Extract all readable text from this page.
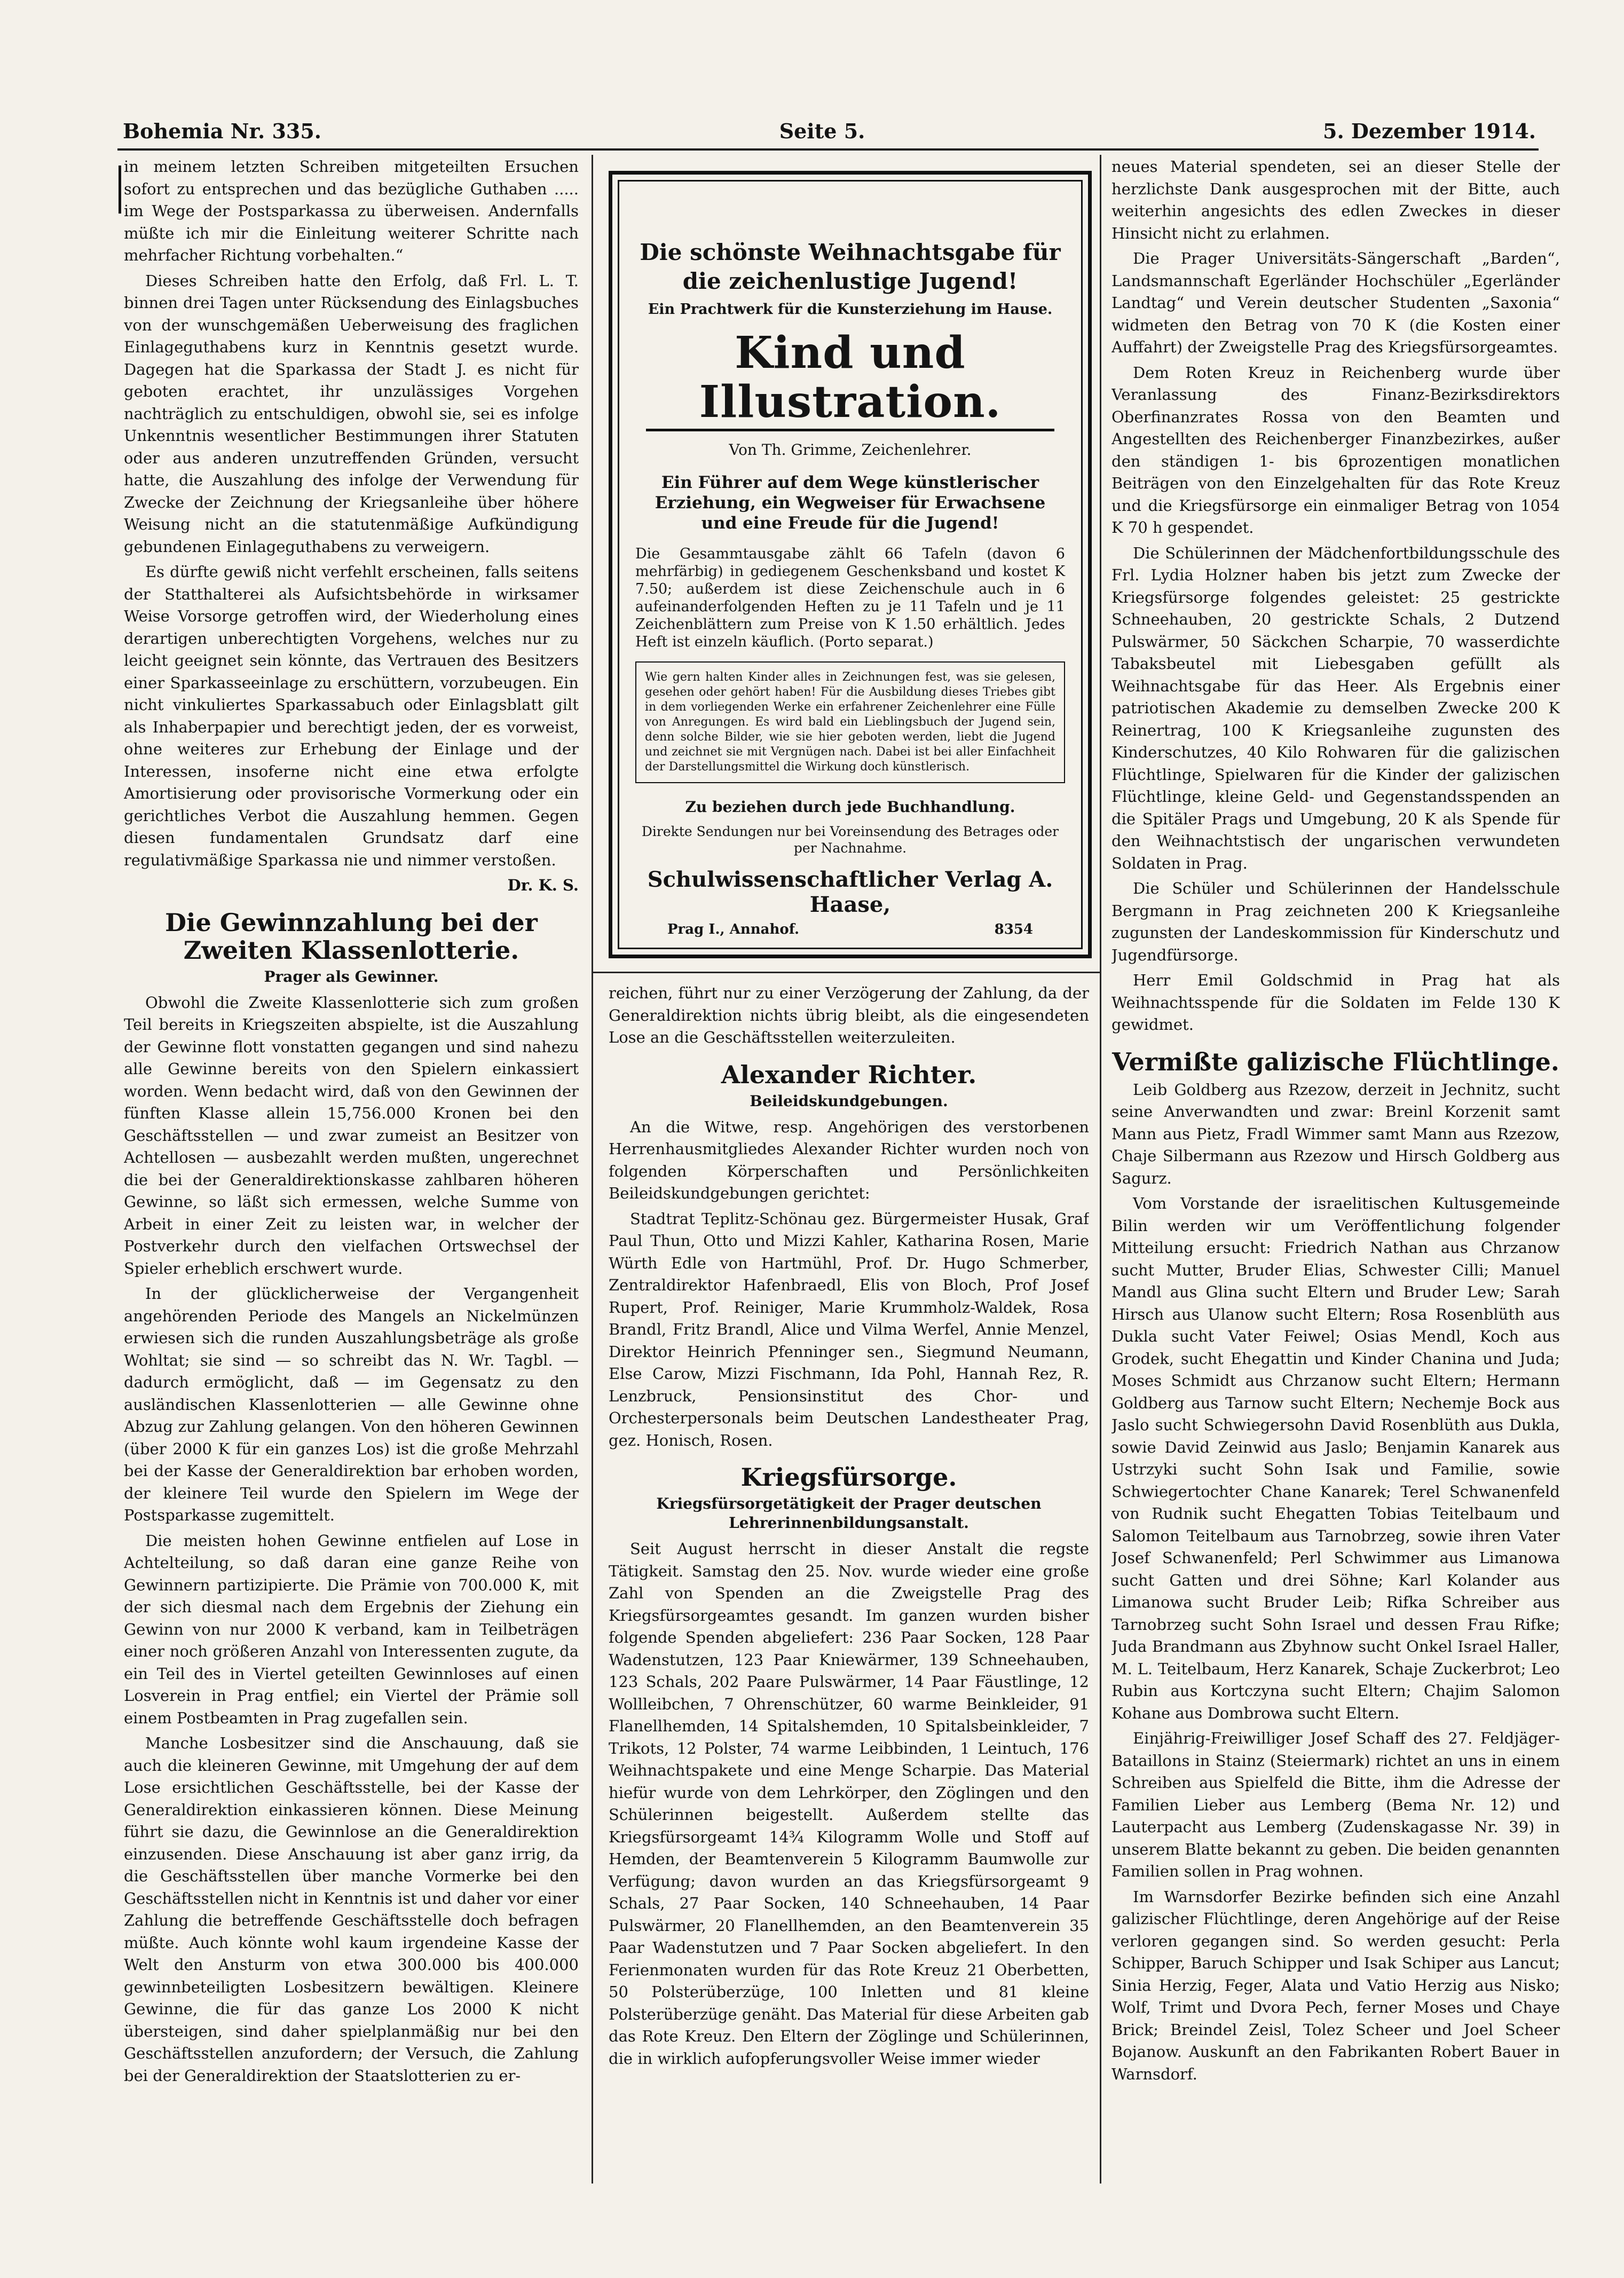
Bohemia Nr. 335.	Seite 5.	5. Dezember 1914.

in meinem letzten Schreiben mitgeteilten Ersuchen sofort zu entsprechen und das bezügliche Guthaben ..... im Wege der Postsparkassa zu überweisen. Andernfalls müßte ich mir die Einleitung weiterer Schritte nach mehrfacher Richtung vorbehalten.“

Dieses Schreiben hatte den Erfolg, daß Frl. L. T. binnen drei Tagen unter Rücksendung des Einlagsbuches von der wunschgemäßen Ueberweisung des fraglichen Einlageguthabens kurz in Kenntnis gesetzt wurde. Dagegen hat die Sparkassa der Stadt J. es nicht für geboten erachtet, ihr unzulässiges Vorgehen nachträglich zu entschuldigen, obwohl sie, sei es infolge Unkenntnis wesentlicher Bestimmungen ihrer Statuten oder aus anderen unzutreffenden Gründen, versucht hatte, die Auszahlung des infolge der Verwendung für Zwecke der Zeichnung der Kriegsanleihe über höhere Weisung nicht an die statutenmäßige Aufkündigung gebundenen Einlageguthabens zu verweigern.

Es dürfte gewiß nicht verfehlt erscheinen, falls seitens der Statthalterei als Aufsichtsbehörde in wirksamer Weise Vorsorge getroffen wird, der Wiederholung eines derartigen unberechtigten Vorgehens, welches nur zu leicht geeignet sein könnte, das Vertrauen des Besitzers einer Sparkasseeinlage zu erschüttern, vorzubeugen. Ein nicht vinkuliertes Sparkassabuch oder Einlagsblatt gilt als Inhaberpapier und berechtigt jeden, der es vorweist, ohne weiteres zur Erhebung der Einlage und der Interessen, insoferne nicht eine etwa erfolgte Amortisierung oder provisorische Vormerkung oder ein gerichtliches Verbot die Auszahlung hemmen. Gegen diesen fundamentalen Grundsatz darf eine regulativmäßige Sparkassa nie und nimmer verstoßen.

Dr. K. S.

Die Gewinnzahlung bei der Zweiten Klassenlotterie.
Prager als Gewinner.

Obwohl die Zweite Klassenlotterie sich zum großen Teil bereits in Kriegszeiten abspielte, ist die Auszahlung der Gewinne flott vonstatten gegangen und sind nahezu alle Gewinne bereits von den Spielern einkassiert worden. Wenn bedacht wird, daß von den Gewinnen der fünften Klasse allein 15,756.000 Kronen bei den Geschäftsstellen — und zwar zumeist an Besitzer von Achtellosen — ausbezahlt werden mußten, ungerechnet die bei der Generaldirektionskasse zahlbaren höheren Gewinne, so läßt sich ermessen, welche Summe von Arbeit in einer Zeit zu leisten war, in welcher der Postverkehr durch den vielfachen Ortswechsel der Spieler erheblich erschwert wurde.

In der glücklicherweise der Vergangenheit angehörenden Periode des Mangels an Nickelmünzen erwiesen sich die runden Auszahlungsbeträge als große Wohltat; sie sind — so schreibt das N. Wr. Tagbl. — dadurch ermöglicht, daß — im Gegensatz zu den ausländischen Klassenlotterien — alle Gewinne ohne Abzug zur Zahlung gelangen. Von den höheren Gewinnen (über 2000 K für ein ganzes Los) ist die große Mehrzahl bei der Kasse der Generaldirektion bar erhoben worden, der kleinere Teil wurde den Spielern im Wege der Postsparkasse zugemittelt.

Die meisten hohen Gewinne entfielen auf Lose in Achtelteilung, so daß daran eine ganze Reihe von Gewinnern partizipierte. Die Prämie von 700.000 K, mit der sich diesmal nach dem Ergebnis der Ziehung ein Gewinn von nur 2000 K verband, kam in Teilbeträgen einer noch größeren Anzahl von Interessenten zugute, da ein Teil des in Viertel geteilten Gewinnloses auf einen Losverein in Prag entfiel; ein Viertel der Prämie soll einem Postbeamten in Prag zugefallen sein.

Manche Losbesitzer sind die Anschauung, daß sie auch die kleineren Gewinne, mit Umgehung der auf dem Lose ersichtlichen Geschäftsstelle, bei der Kasse der Generaldirektion einkassieren können. Diese Meinung führt sie dazu, die Gewinnlose an die Generaldirektion einzusenden. Diese Anschauung ist aber ganz irrig, da die Geschäftsstellen über manche Vormerke bei den Geschäftsstellen nicht in Kenntnis ist und daher vor einer Zahlung die betreffende Geschäftsstelle doch befragen müßte. Auch könnte wohl kaum irgendeine Kasse der Welt den Ansturm von etwa 300.000 bis 400.000 gewinnbeteiligten Losbesitzern bewältigen. Kleinere Gewinne, die für das ganze Los 2000 K nicht übersteigen, sind daher spielplanmäßig nur bei den Geschäftsstellen anzufordern; der Versuch, die Zahlung bei der Generaldirektion der Staatslotterien zu er-

Die schönste Weihnachtsgabe für die zeichenlustige Jugend!
Ein Prachtwerk für die Kunsterziehung im Hause.
Kind und Illustration.
Von Th. Grimme, Zeichenlehrer.
Ein Führer auf dem Wege künstlerischer Erziehung, ein Wegweiser für Erwachsene und eine Freude für die Jugend!
Die Gesammtausgabe zählt 66 Tafeln (davon 6 mehrfärbig) in gediegenem Geschenksband und kostet K 7.50; außerdem ist diese Zeichenschule auch in 6 aufeinanderfolgenden Heften zu je 11 Tafeln und je 11 Zeichenblättern zum Preise von K 1.50 erhältlich. Jedes Heft ist einzeln käuflich. (Porto separat.)
Wie gern halten Kinder alles in Zeichnungen fest, was sie gelesen, gesehen oder gehört haben! Für die Ausbildung dieses Triebes gibt in dem vorliegenden Werke ein erfahrener Zeichenlehrer eine Fülle von Anregungen. Es wird bald ein Lieblingsbuch der Jugend sein, denn solche Bilder, wie sie hier geboten werden, liebt die Jugend und zeichnet sie mit Vergnügen nach. Dabei ist bei aller Einfachheit der Darstellungsmittel die Wirkung doch künstlerisch.
Zu beziehen durch jede Buchhandlung.
Direkte Sendungen nur bei Voreinsendung des Betrages oder per Nachnahme.
Schulwissenschaftlicher Verlag A. Haase,
Prag I., Annahof.	8354

reichen, führt nur zu einer Verzögerung der Zahlung, da der Generaldirektion nichts übrig bleibt, als die eingesendeten Lose an die Geschäftsstellen weiterzuleiten.

Alexander Richter.
Beileidskundgebungen.

An die Witwe, resp. Angehörigen des verstorbenen Herrenhausmitgliedes Alexander Richter wurden noch von folgenden Körperschaften und Persönlichkeiten Beileidskundgebungen gerichtet:

Stadtrat Teplitz-Schönau gez. Bürgermeister Husak, Graf Paul Thun, Otto und Mizzi Kahler, Katharina Rosen, Marie Würth Edle von Hartmühl, Prof. Dr. Hugo Schmerber, Zentraldirektor Hafenbraedl, Elis von Bloch, Prof Josef Rupert, Prof. Reiniger, Marie Krummholz-Waldek, Rosa Brandl, Fritz Brandl, Alice und Vilma Werfel, Annie Menzel, Direktor Heinrich Pfenninger sen., Siegmund Neumann, Else Carow, Mizzi Fischmann, Ida Pohl, Hannah Rez, R. Lenzbruck, Pensionsinstitut des Chor- und Orchesterpersonals beim Deutschen Landestheater Prag, gez. Honisch, Rosen.

Kriegsfürsorge.
Kriegsfürsorgetätigkeit der Prager deutschen Lehrerinnenbildungsanstalt.

Seit August herrscht in dieser Anstalt die regste Tätigkeit. Samstag den 25. Nov. wurde wieder eine große Zahl von Spenden an die Zweigstelle Prag des Kriegsfürsorgeamtes gesandt. Im ganzen wurden bisher folgende Spenden abgeliefert: 236 Paar Socken, 128 Paar Wadenstutzen, 123 Paar Kniewärmer, 139 Schneehauben, 123 Schals, 202 Paare Pulswärmer, 14 Paar Fäustlinge, 12 Wollleibchen, 7 Ohrenschützer, 60 warme Beinkleider, 91 Flanellhemden, 14 Spitalshemden, 10 Spitalsbeinkleider, 7 Trikots, 12 Polster, 74 warme Leibbinden, 1 Leintuch, 176 Weihnachtspakete und eine Menge Scharpie. Das Material hiefür wurde von dem Lehrkörper, den Zöglingen und den Schülerinnen beigestellt. Außerdem stellte das Kriegsfürsorgeamt 14¾ Kilogramm Wolle und Stoff auf Hemden, der Beamtenverein 5 Kilogramm Baumwolle zur Verfügung; davon wurden an das Kriegsfürsorgeamt 9 Schals, 27 Paar Socken, 140 Schneehauben, 14 Paar Pulswärmer, 20 Flanellhemden, an den Beamtenverein 35 Paar Wadenstutzen und 7 Paar Socken abgeliefert. In den Ferienmonaten wurden für das Rote Kreuz 21 Oberbetten, 50 Polsterüberzüge, 100 Inletten und 81 kleine Polsterüberzüge genäht. Das Material für diese Arbeiten gab das Rote Kreuz. Den Eltern der Zöglinge und Schülerinnen, die in wirklich aufopferungsvoller Weise immer wieder

neues Material spendeten, sei an dieser Stelle der herzlichste Dank ausgesprochen mit der Bitte, auch weiterhin angesichts des edlen Zweckes in dieser Hinsicht nicht zu erlahmen.

Die Prager Universitäts-Sängerschaft „Barden“, Landsmannschaft Egerländer Hochschüler „Egerländer Landtag“ und Verein deutscher Studenten „Saxonia“ widmeten den Betrag von 70 K (die Kosten einer Auffahrt) der Zweigstelle Prag des Kriegsfürsorgeamtes.

Dem Roten Kreuz in Reichenberg wurde über Veranlassung des Finanz-Bezirksdirektors Oberfinanzrates Rossa von den Beamten und Angestellten des Reichenberger Finanzbezirkes, außer den ständigen 1- bis 6prozentigen monatlichen Beiträgen von den Einzelgehalten für das Rote Kreuz und die Kriegsfürsorge ein einmaliger Betrag von 1054 K 70 h gespendet.

Die Schülerinnen der Mädchenfortbildungsschule des Frl. Lydia Holzner haben bis jetzt zum Zwecke der Kriegsfürsorge folgendes geleistet: 25 gestrickte Schneehauben, 20 gestrickte Schals, 2 Dutzend Pulswärmer, 50 Säckchen Scharpie, 70 wasserdichte Tabaksbeutel mit Liebesgaben gefüllt als Weihnachtsgabe für das Heer. Als Ergebnis einer patriotischen Akademie zu demselben Zwecke 200 K Reinertrag, 100 K Kriegsanleihe zugunsten des Kinderschutzes, 40 Kilo Rohwaren für die galizischen Flüchtlinge, Spielwaren für die Kinder der galizischen Flüchtlinge, kleine Geld- und Gegenstandsspenden an die Spitäler Prags und Umgebung, 20 K als Spende für den Weihnachtstisch der ungarischen verwundeten Soldaten in Prag.

Die Schüler und Schülerinnen der Handelsschule Bergmann in Prag zeichneten 200 K Kriegsanleihe zugunsten der Landeskommission für Kinderschutz und Jugendfürsorge.

Herr Emil Goldschmid in Prag hat als Weihnachtsspende für die Soldaten im Felde 130 K gewidmet.

Vermißte galizische Flüchtlinge.

Leib Goldberg aus Rzezow, derzeit in Jechnitz, sucht seine Anverwandten und zwar: Breinl Korzenit samt Mann aus Pietz, Fradl Wimmer samt Mann aus Rzezow, Chaje Silbermann aus Rzezow und Hirsch Goldberg aus Sagurz.

Vom Vorstande der israelitischen Kultusgemeinde Bilin werden wir um Veröffentlichung folgender Mitteilung ersucht: Friedrich Nathan aus Chrzanow sucht Mutter, Bruder Elias, Schwester Cilli; Manuel Mandl aus Glina sucht Eltern und Bruder Lew; Sarah Hirsch aus Ulanow sucht Eltern; Rosa Rosenblüth aus Dukla sucht Vater Feiwel; Osias Mendl, Koch aus Grodek, sucht Ehegattin und Kinder Chanina und Juda; Moses Schmidt aus Chrzanow sucht Eltern; Hermann Goldberg aus Tarnow sucht Eltern; Nechemje Bock aus Jaslo sucht Schwiegersohn David Rosenblüth aus Dukla, sowie David Zeinwid aus Jaslo; Benjamin Kanarek aus Ustrzyki sucht Sohn Isak und Familie, sowie Schwiegertochter Chane Kanarek; Terel Schwanenfeld von Rudnik sucht Ehegatten Tobias Teitelbaum und Salomon Teitelbaum aus Tarnobrzeg, sowie ihren Vater Josef Schwanenfeld; Perl Schwimmer aus Limanowa sucht Gatten und drei Söhne; Karl Kolander aus Limanowa sucht Bruder Leib; Rifka Schreiber aus Tarnobrzeg sucht Sohn Israel und dessen Frau Rifke; Juda Brandmann aus Zbyhnow sucht Onkel Israel Haller, M. L. Teitelbaum, Herz Kanarek, Schaje Zuckerbrot; Leo Rubin aus Kortczyna sucht Eltern; Chajim Salomon Kohane aus Dombrowa sucht Eltern.

Einjährig-Freiwilliger Josef Schaff des 27. Feldjäger-Bataillons in Stainz (Steiermark) richtet an uns in einem Schreiben aus Spielfeld die Bitte, ihm die Adresse der Familien Lieber aus Lemberg (Bema Nr. 12) und Lauterpacht aus Lemberg (Zudenskagasse Nr. 39) in unserem Blatte bekannt zu geben. Die beiden genannten Familien sollen in Prag wohnen.

Im Warnsdorfer Bezirke befinden sich eine Anzahl galizischer Flüchtlinge, deren Angehörige auf der Reise verloren gegangen sind. So werden gesucht: Perla Schipper, Baruch Schipper und Isak Schiper aus Lancut; Sinia Herzig, Feger, Alata und Vatio Herzig aus Nisko; Wolf, Trimt und Dvora Pech, ferner Moses und Chaye Brick; Breindel Zeisl, Tolez Scheer und Joel Scheer Bojanow. Auskunft an den Fabrikanten Robert Bauer in Warnsdorf.
